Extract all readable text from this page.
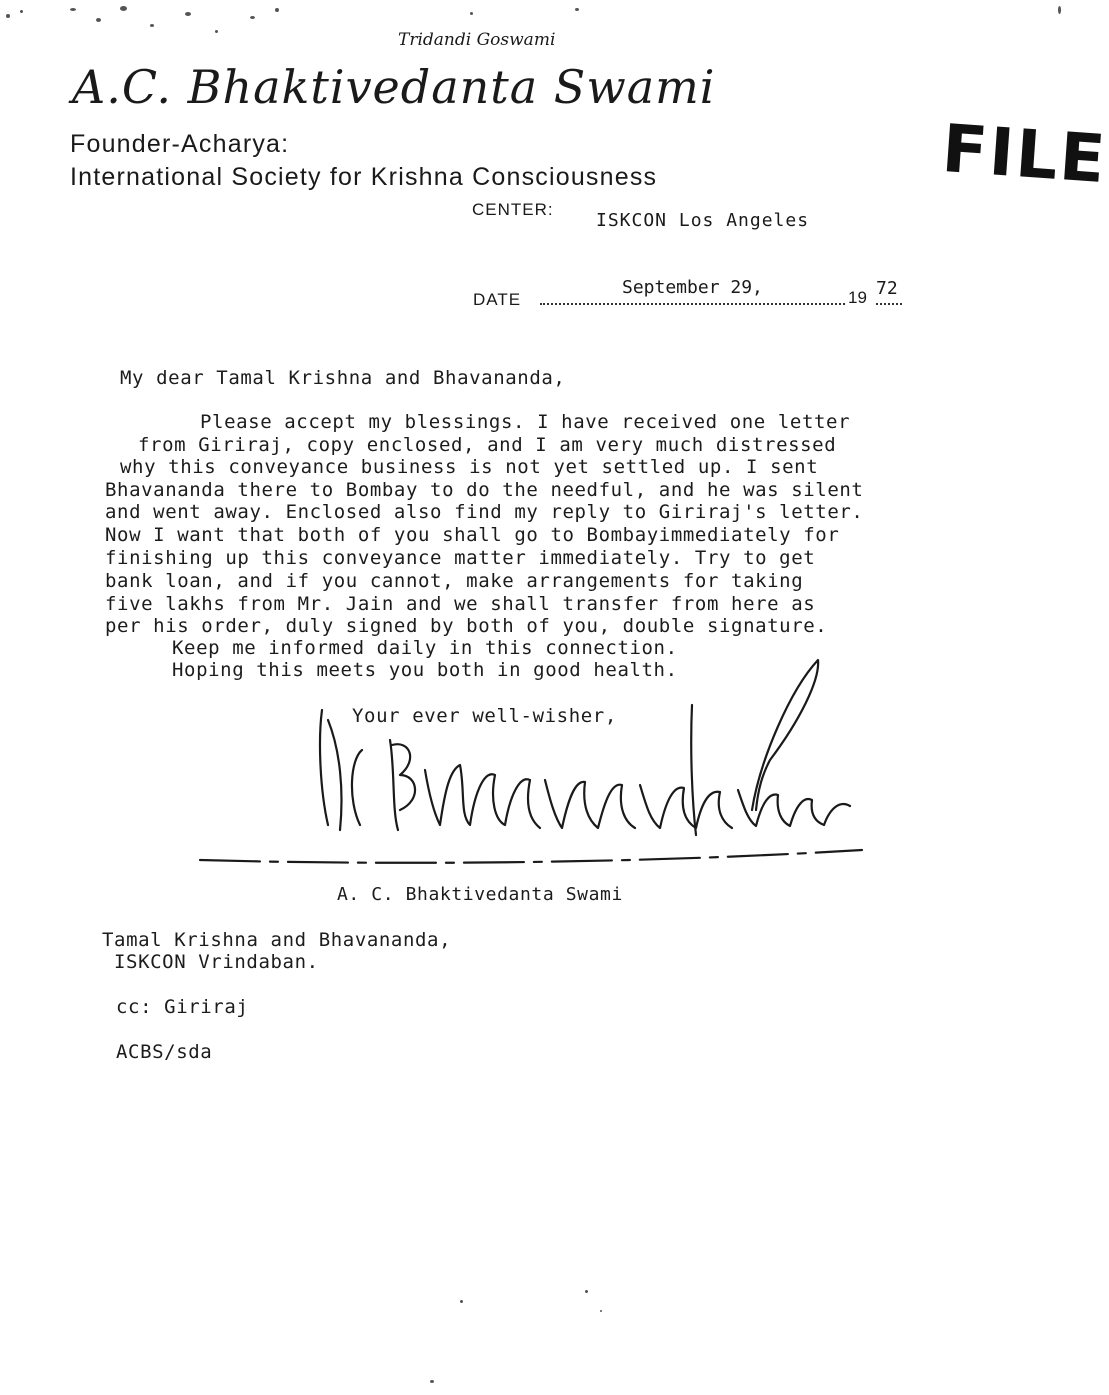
Tridandi Goswami
A.C. Bhaktivedanta Swami
Founder-Acharya:
International Society for Krishna Consciousness
CENTER:
ISKCON Los Angeles
FILE
DATE
September 29,	19 72
My dear Tamal Krishna and Bhavananda,
Please accept my blessings. I have received one letter
from Giriraj, copy enclosed, and I am very much distressed
why this conveyance business is not yet settled up. I sent
Bhavananda there to Bombay to do the needful, and he was silent
and went away. Enclosed also find my reply to Giriraj's letter.
Now I want that both of you shall go to Bombayimmediately for
finishing up this conveyance matter immediately. Try to get
bank loan, and if you cannot, make arrangements for taking
five lakhs from Mr. Jain and we shall transfer from here as
per his order, duly signed by both of you, double signature.
Keep me informed daily in this connection.
Hoping this meets you both in good health.
Your ever well-wisher,
A. C. Bhaktivedanta Swami
Tamal Krishna and Bhavananda,
ISKCON Vrindaban.
cc: Giriraj
ACBS/sda
